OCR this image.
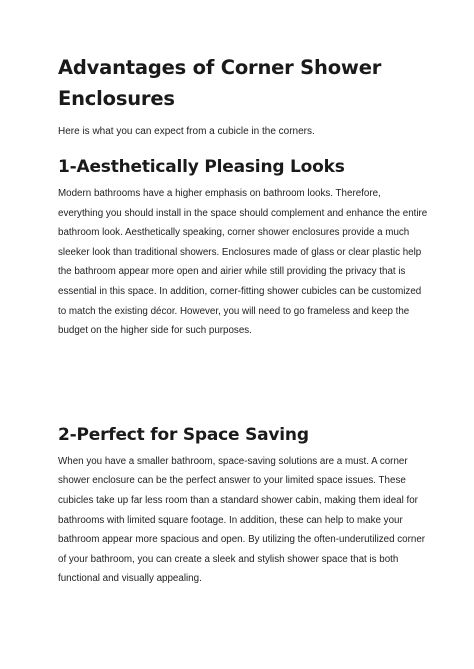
Advantages of Corner Shower Enclosures

Here is what you can expect from a cubicle in the corners.

1-Aesthetically Pleasing Looks

Modern bathrooms have a higher emphasis on bathroom looks. Therefore, everything you should install in the space should complement and enhance the entire bathroom look. Aesthetically speaking, corner shower enclosures provide a much sleeker look than traditional showers. Enclosures made of glass or clear plastic help the bathroom appear more open and airier while still providing the privacy that is essential in this space. In addition, corner-fitting shower cubicles can be customized to match the existing décor. However, you will need to go frameless and keep the budget on the higher side for such purposes.

2-Perfect for Space Saving

When you have a smaller bathroom, space-saving solutions are a must. A corner shower enclosure can be the perfect answer to your limited space issues. These cubicles take up far less room than a standard shower cabin, making them ideal for bathrooms with limited square footage. In addition, these can help to make your bathroom appear more spacious and open. By utilizing the often-underutilized corner of your bathroom, you can create a sleek and stylish shower space that is both functional and visually appealing.
